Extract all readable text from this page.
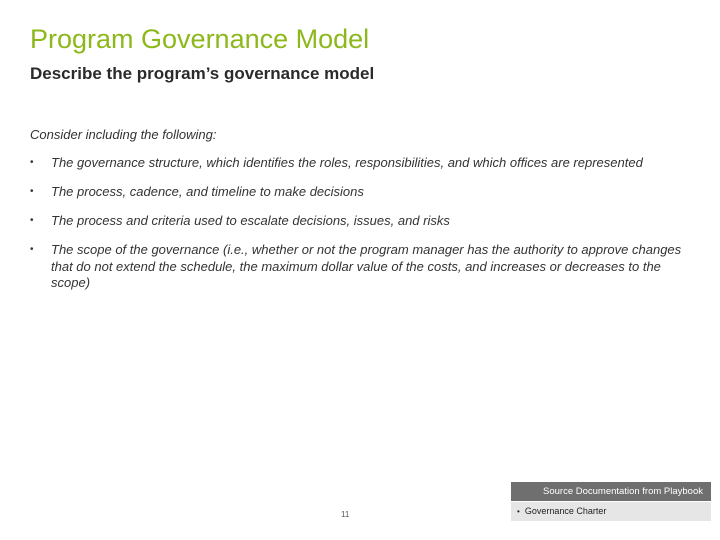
Program Governance Model
Describe the program’s governance model

Consider including the following:

•	The governance structure, which identifies the roles, responsibilities, and which offices are represented
•	The process, cadence, and timeline to make decisions
•	The process and criteria used to escalate decisions, issues, and risks
•	The scope of the governance (i.e., whether or not the program manager has the authority to approve changes that do not extend the schedule, the maximum dollar value of the costs, and increases or decreases to the scope)
11
Source Documentation from Playbook
• Governance Charter
